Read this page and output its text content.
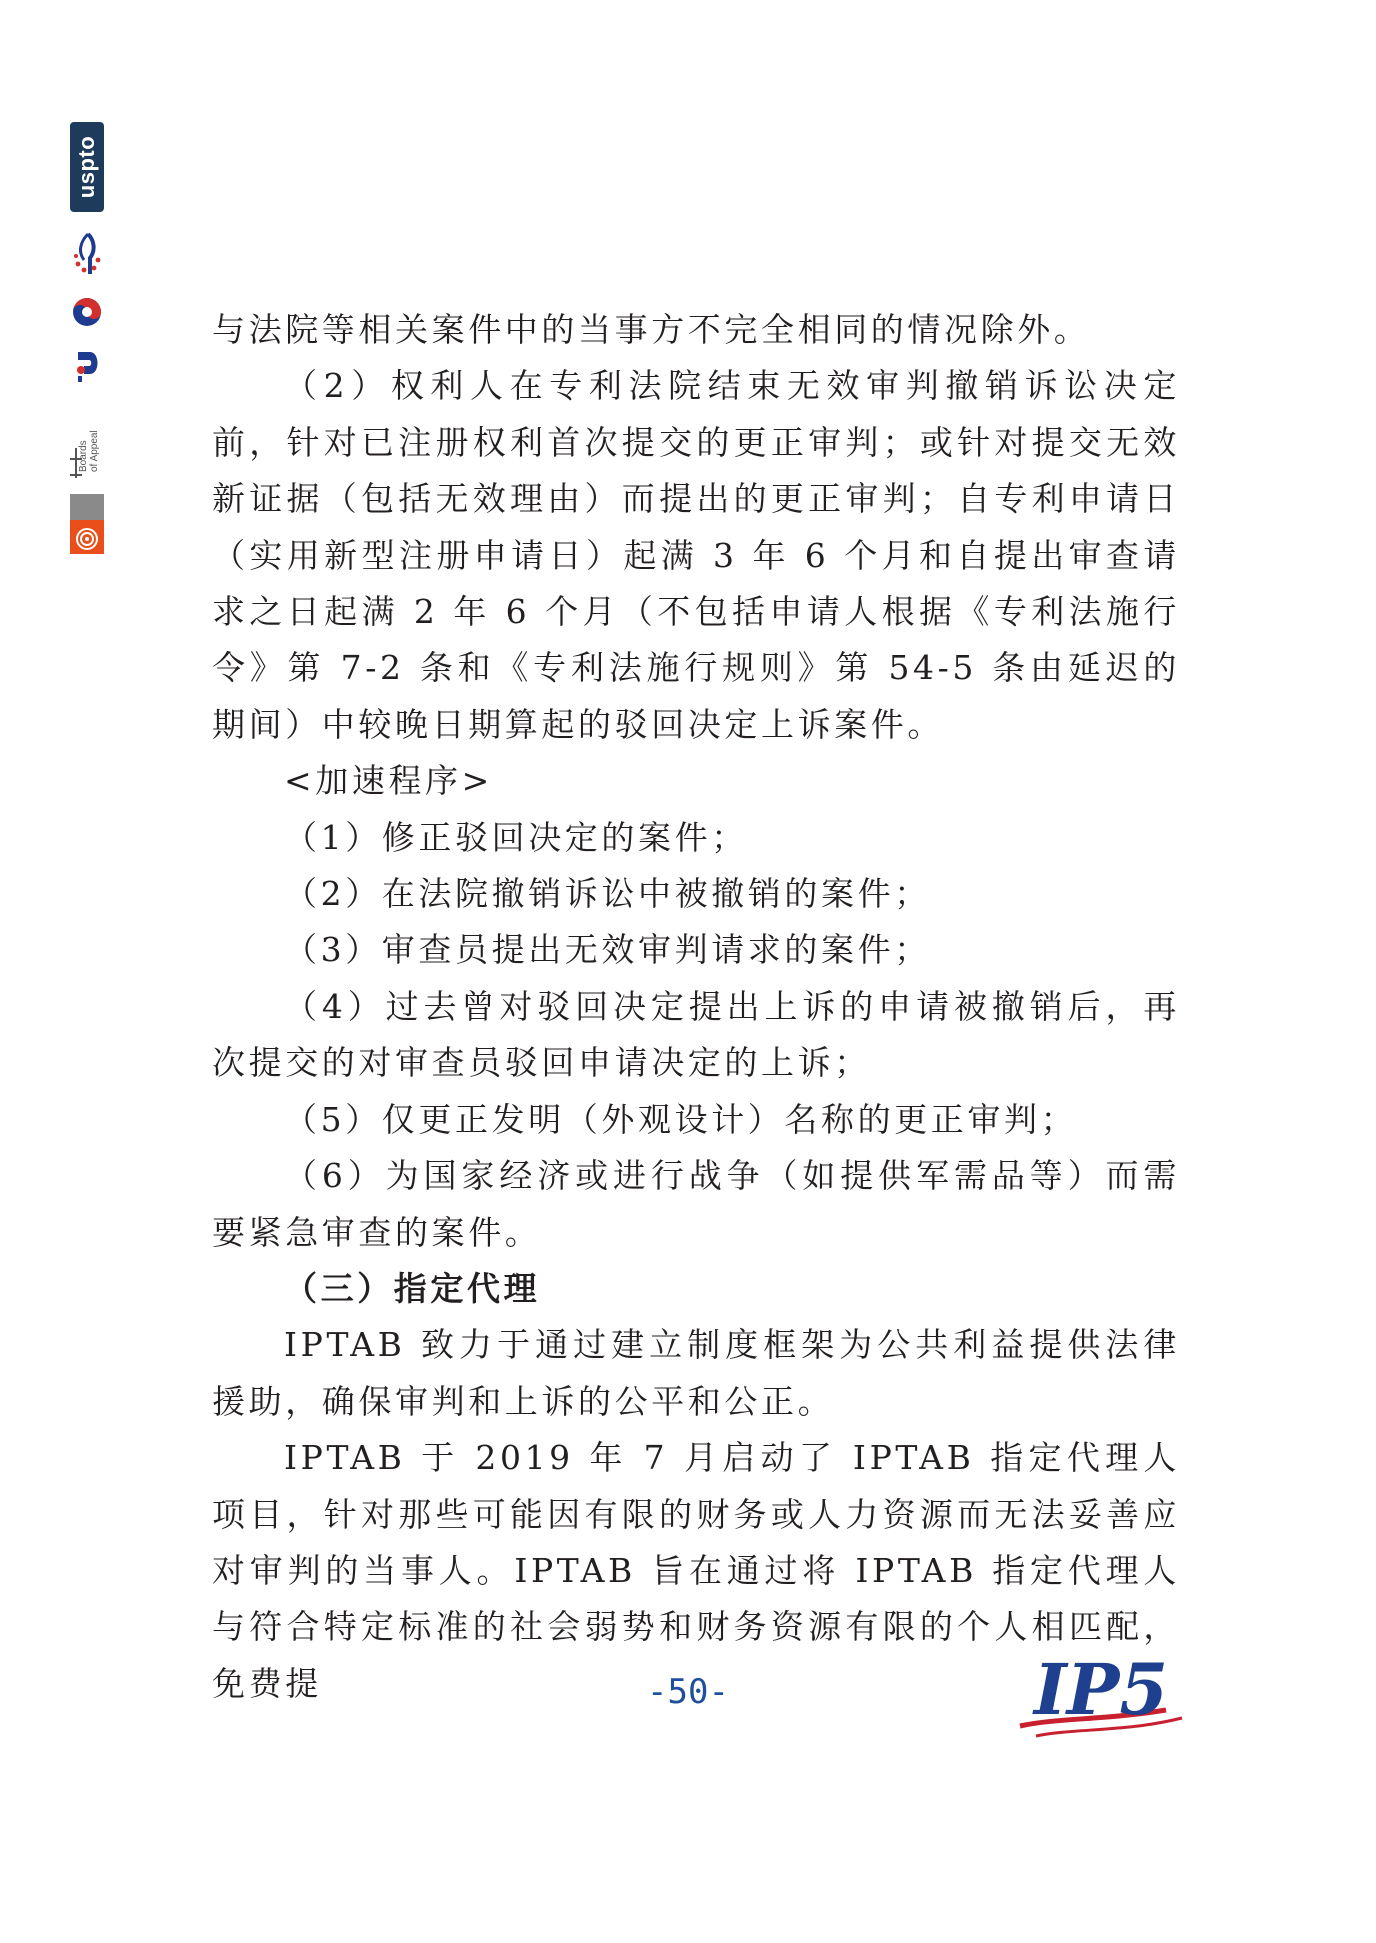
uspto
Boards of Appeal

与法院等相关案件中的当事方不完全相同的情况除外。

（2）权利人在专利法院结束无效审判撤销诉讼决定前，针对已注册权利首次提交的更正审判；或针对提交无效新证据（包括无效理由）而提出的更正审判；自专利申请日（实用新型注册申请日）起满 3 年 6 个月和自提出审查请求之日起满 2 年 6 个月（不包括申请人根据《专利法施行令》第 7-2 条和《专利法施行规则》第 54-5 条由延迟的期间）中较晚日期算起的驳回决定上诉案件。

<加速程序>

（1）修正驳回决定的案件；

（2）在法院撤销诉讼中被撤销的案件；

（3）审查员提出无效审判请求的案件；

（4）过去曾对驳回决定提出上诉的申请被撤销后，再次提交的对审查员驳回申请决定的上诉；

（5）仅更正发明（外观设计）名称的更正审判；

（6）为国家经济或进行战争（如提供军需品等）而需要紧急审查的案件。

（三）指定代理

IPTAB 致力于通过建立制度框架为公共利益提供法律援助，确保审判和上诉的公平和公正。

IPTAB 于 2019 年 7 月启动了 IPTAB 指定代理人项目，针对那些可能因有限的财务或人力资源而无法妥善应对审判的当事人。IPTAB 旨在通过将 IPTAB 指定代理人与符合特定标准的社会弱势和财务资源有限的个人相匹配，免费提	-50-	IP5
